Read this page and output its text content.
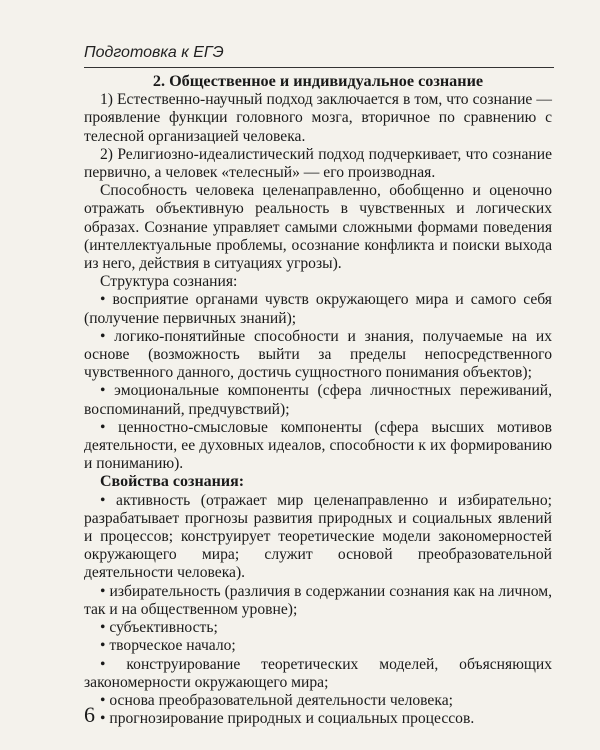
Подготовка к ЕГЭ

2. Общественное и индивидуальное сознание

1) Естественно-научный подход заключается в том, что сознание — проявление функции головного мозга, вторичное по сравнению с телесной организацией человека.

2) Религиозно-идеалистический подход подчеркивает, что сознание первично, а человек «телесный» — его производная.

Способность человека целенаправленно, обобщенно и оценочно отражать объективную реальность в чувственных и логических образах. Сознание управляет самыми сложными формами поведения (интеллектуальные проблемы, осознание конфликта и поиски выхода из него, действия в ситуациях угрозы).

Структура сознания:

• восприятие органами чувств окружающего мира и самого себя (получение первичных знаний);

• логико-понятийные способности и знания, получаемые на их основе (возможность выйти за пределы непосредственного чувственного данного, достичь сущностного понимания объектов);

• эмоциональные компоненты (сфера личностных переживаний, воспоминаний, предчувствий);

• ценностно-смысловые компоненты (сфера высших мотивов деятельности, ее духовных идеалов, способности к их формированию и пониманию).

Свойства сознания:

• активность (отражает мир целенаправленно и избирательно; разрабатывает прогнозы развития природных и социальных явлений и процессов; конструирует теоретические модели закономерностей окружающего мира; служит основой преобразовательной деятельности человека).

• избирательность (различия в содержании сознания как на личном, так и на общественном уровне);

• субъективность;

• творческое начало;

• конструирование теоретических моделей, объясняющих закономерности окружающего мира;

• основа преобразовательной деятельности человека;

• прогнозирование природных и социальных процессов.

6
